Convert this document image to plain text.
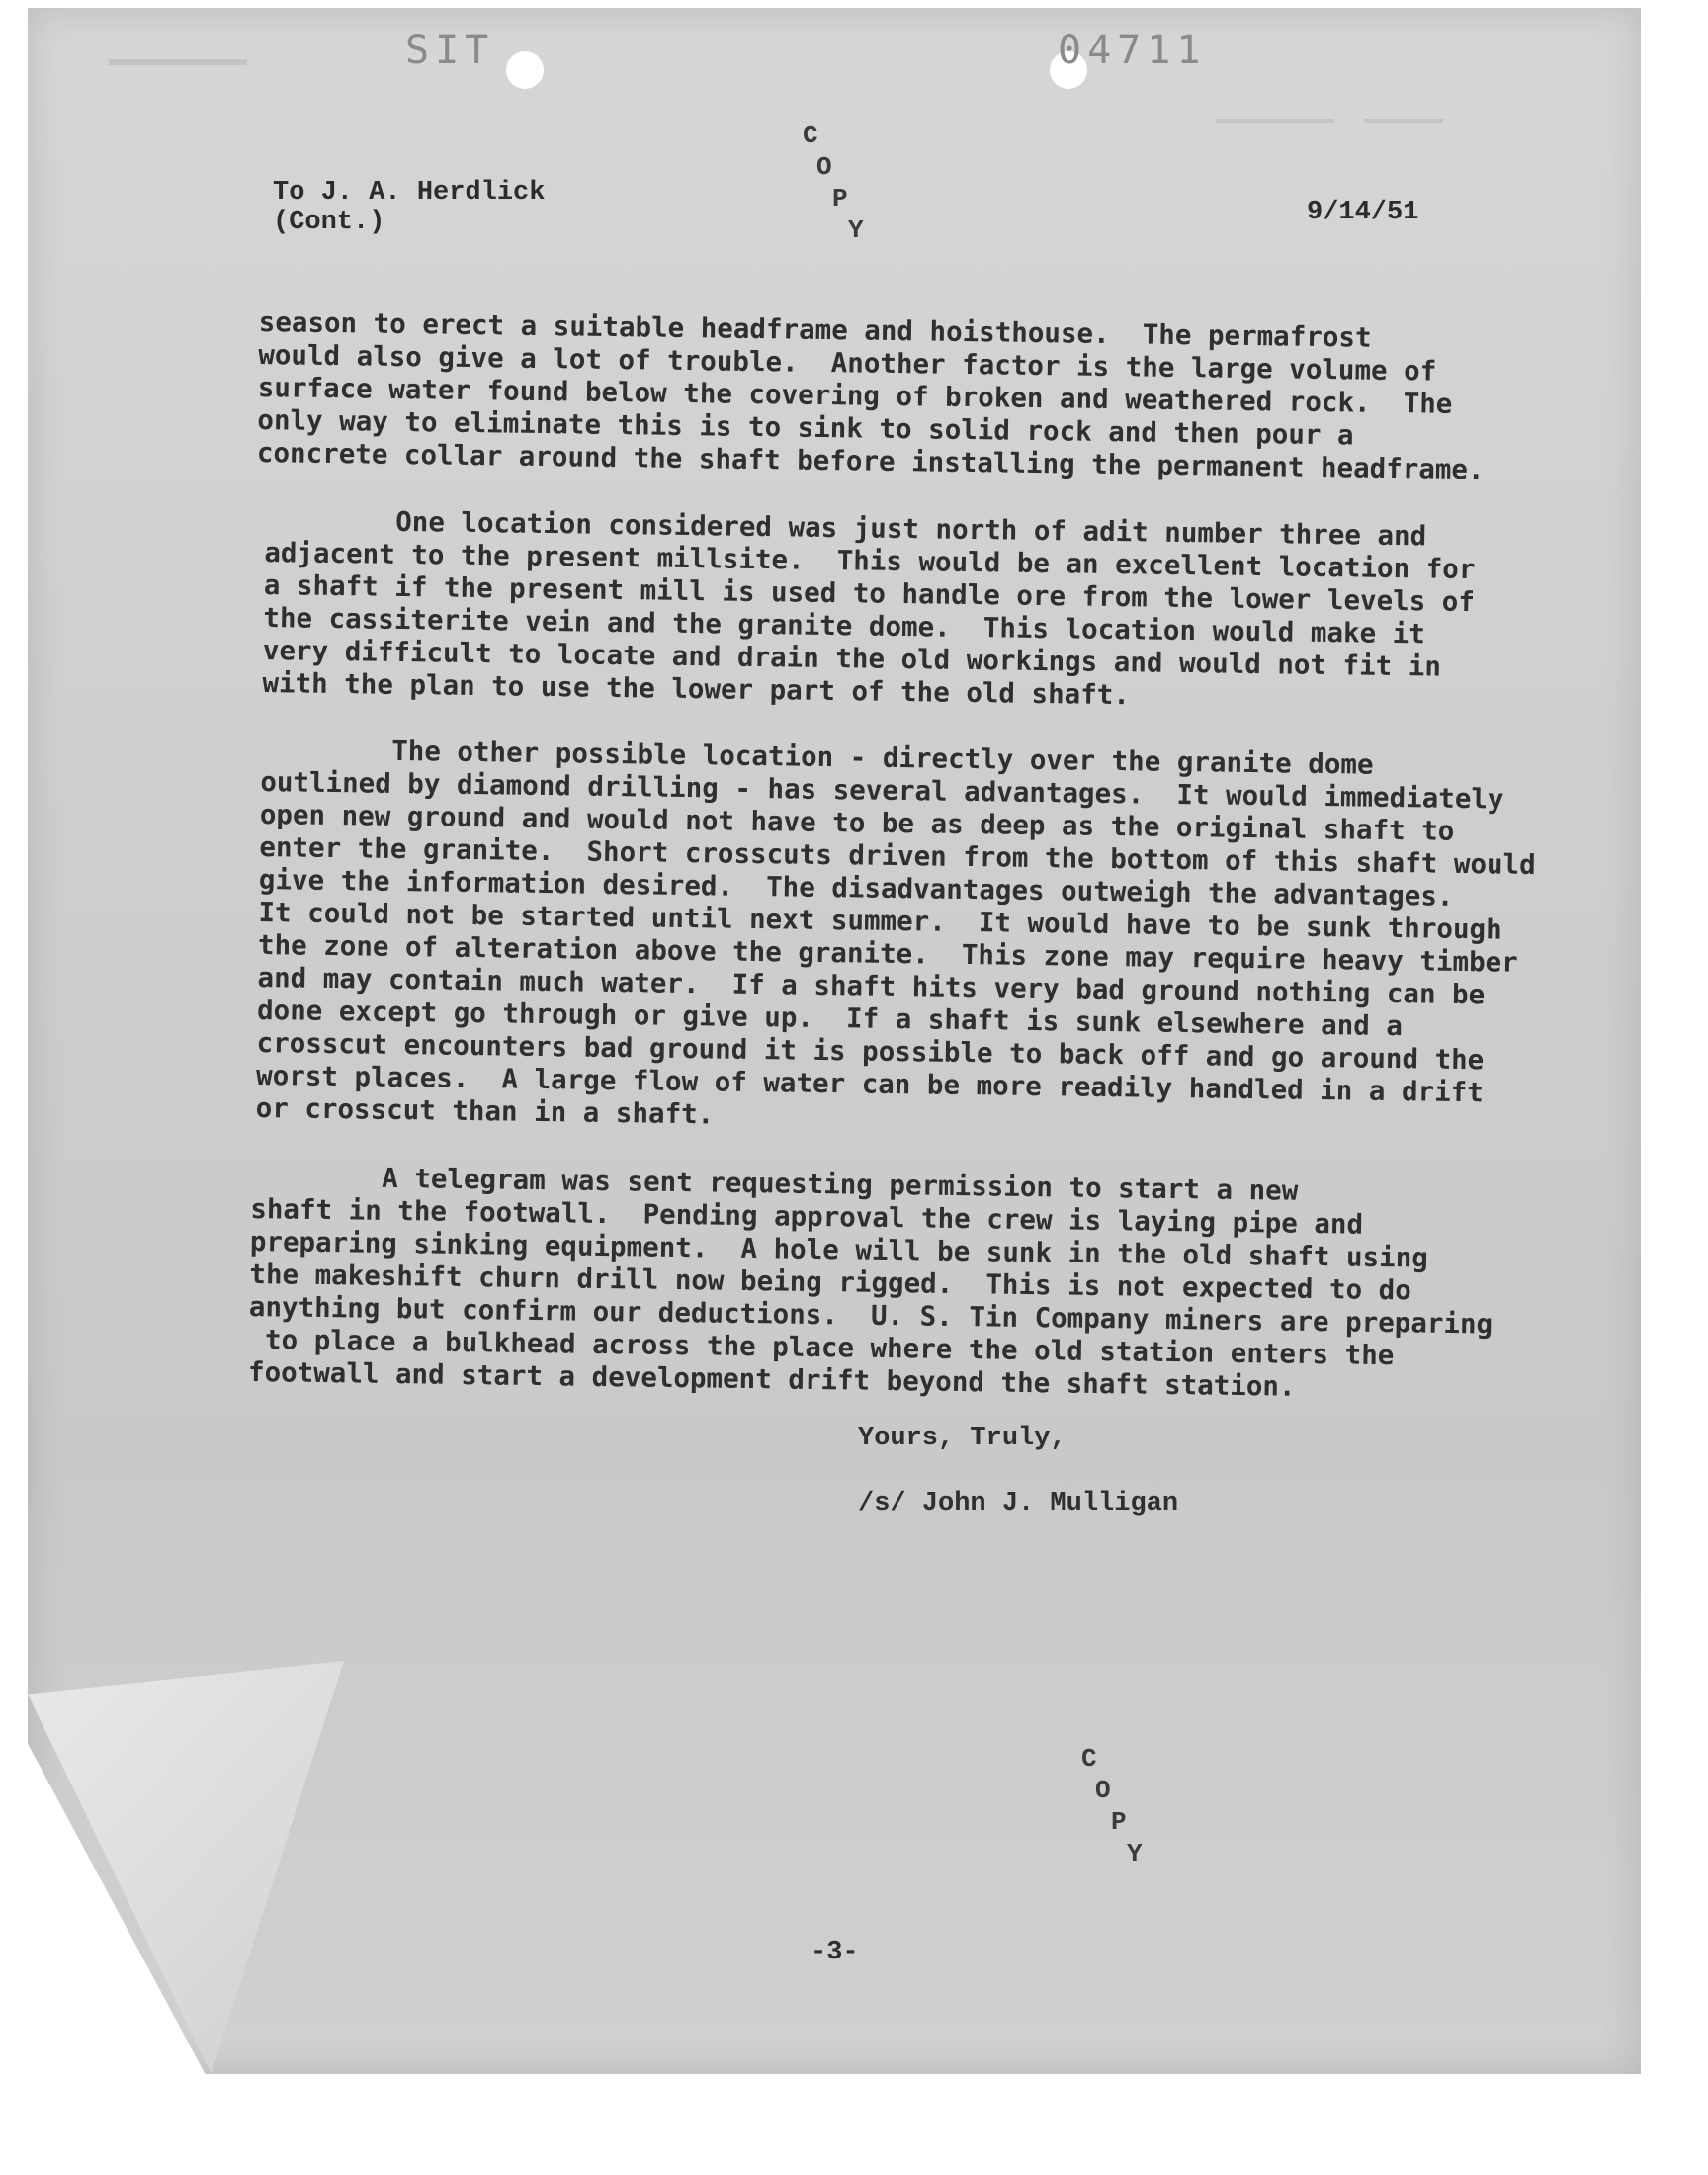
SIT	04711
C
O
P
Y
To J. A. Herdlick
(Cont.)	9/14/51
season to erect a suitable headframe and hoisthouse.  The permafrost
would also give a lot of trouble.  Another factor is the large volume of
surface water found below the covering of broken and weathered rock.  The
only way to eliminate this is to sink to solid rock and then pour a
concrete collar around the shaft before installing the permanent headframe.
One location considered was just north of adit number three and
adjacent to the present millsite.  This would be an excellent location for
a shaft if the present mill is used to handle ore from the lower levels of
the cassiterite vein and the granite dome.  This location would make it
very difficult to locate and drain the old workings and would not fit in
with the plan to use the lower part of the old shaft.
The other possible location - directly over the granite dome
outlined by diamond drilling - has several advantages.  It would immediately
open new ground and would not have to be as deep as the original shaft to
enter the granite.  Short crosscuts driven from the bottom of this shaft would
give the information desired.  The disadvantages outweigh the advantages.
It could not be started until next summer.  It would have to be sunk through
the zone of alteration above the granite.  This zone may require heavy timber
and may contain much water.  If a shaft hits very bad ground nothing can be
done except go through or give up.  If a shaft is sunk elsewhere and a
crosscut encounters bad ground it is possible to back off and go around the
worst places.  A large flow of water can be more readily handled in a drift
or crosscut than in a shaft.
A telegram was sent requesting permission to start a new
shaft in the footwall.  Pending approval the crew is laying pipe and
preparing sinking equipment.  A hole will be sunk in the old shaft using
the makeshift churn drill now being rigged.  This is not expected to do
anything but confirm our deductions.  U. S. Tin Company miners are preparing
to place a bulkhead across the place where the old station enters the
footwall and start a development drift beyond the shaft station.
Yours, Truly,
/s/ John J. Mulligan
C
O
P
Y
-3-
